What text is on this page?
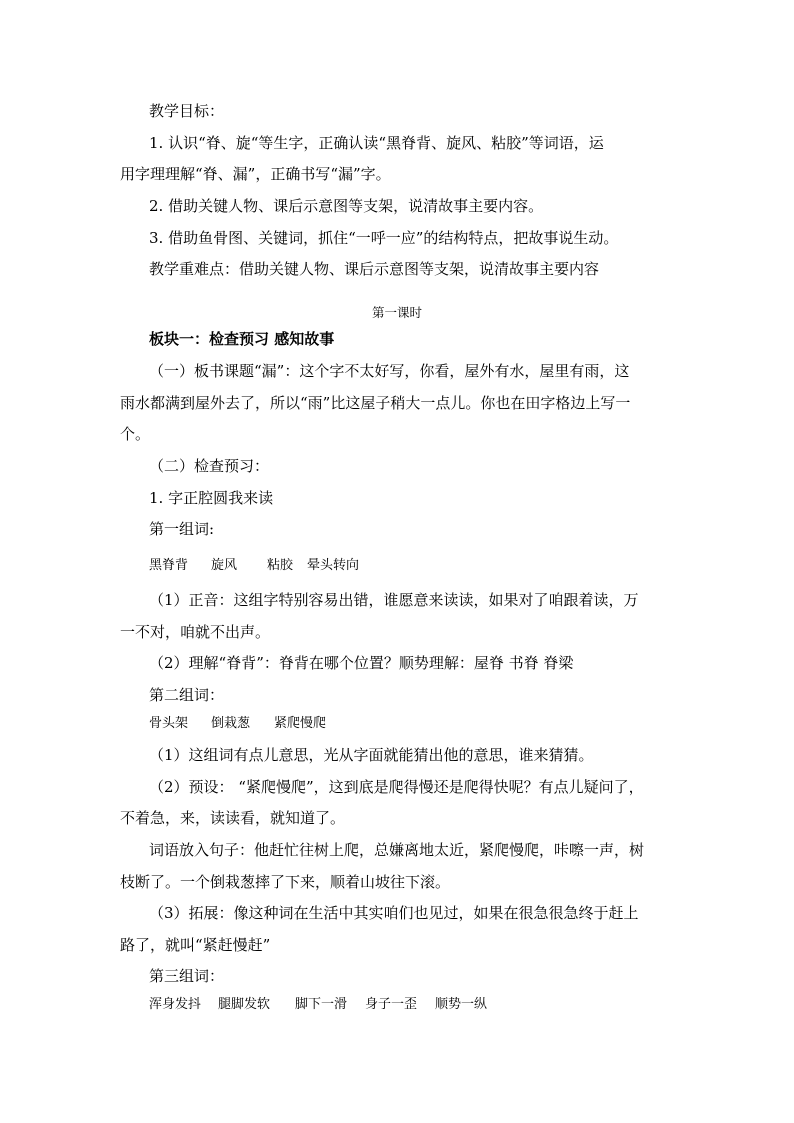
教学目标：
1. 认识“脊、旋“等生字，正确认读“黑脊背、旋风、粘胶”等词语，运
用字理理解“脊、漏”，正确书写“漏”字。
2. 借助关键人物、课后示意图等支架，说清故事主要内容。
3. 借助鱼骨图、关键词，抓住“一呼一应”的结构特点，把故事说生动。
教学重难点：借助关键人物、课后示意图等支架，说清故事主要内容
第一课时
板块一：检查预习 感知故事
（一）板书课题“漏”：这个字不太好写，你看，屋外有水，屋里有雨，这
雨水都满到屋外去了，所以“雨”比这屋子稍大一点儿。你也在田字格边上写一
个。
（二）检查预习：
1. 字正腔圆我来读
第一组词:
黑脊背 旋风 粘胶 晕头转向
（1）正音：这组字特别容易出错，谁愿意来读读，如果对了咱跟着读，万
一不对，咱就不出声。
（2）理解“脊背”：脊背在哪个位置？顺势理解：屋脊 书脊 脊梁
第二组词：
骨头架 倒栽葱 紧爬慢爬
（1）这组词有点儿意思，光从字面就能猜出他的意思，谁来猜猜。
（2）预设： “紧爬慢爬”，这到底是爬得慢还是爬得快呢？有点儿疑问了，
不着急，来，读读看，就知道了。
词语放入句子：他赶忙往树上爬，总嫌离地太近，紧爬慢爬，咔嚓一声，树
枝断了。一个倒栽葱摔了下来，顺着山坡往下滚。
（3）拓展：像这种词在生活中其实咱们也见过，如果在很急很急终于赶上
路了，就叫“紧赶慢赶”
第三组词：
浑身发抖 腿脚发软 脚下一滑 身子一歪 顺势一纵
